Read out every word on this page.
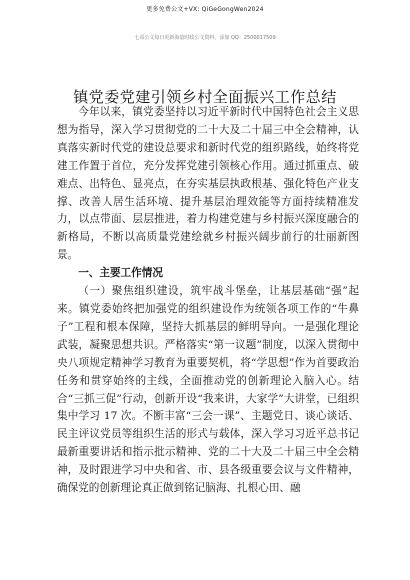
更多免费公文+VX: QiGeGongWen2024
七哥公文每日更新海量时政公文资料，添加 QQ：2500017509
镇党委党建引领乡村全面振兴工作总结

今年以来，镇党委坚持以习近平新时代中国特色社会主义思想为指导，深入学习贯彻党的二十大及二十届三中全会精神，认真落实新时代党的建设总要求和新时代党的组织路线，始终将党建工作置于首位，充分发挥党建引领核心作用。通过抓重点、破难点、出特色、显亮点，在夯实基层执政根基、强化特色产业支撑、改善人居生活环境、提升基层治理效能等方面持续精准发力，以点带面、层层推进，着力构建党建与乡村振兴深度融合的新格局，不断以高质量党建绘就乡村振兴阔步前行的壮丽新图景。

一、主要工作情况

（一）聚焦组织建设，筑牢战斗堡垒，让基层基础“强”起来。镇党委始终把加强党的组织建设作为统领各项工作的“牛鼻子”工程和根本保障，坚持大抓基层的鲜明导向。一是强化理论武装，凝聚思想共识。严格落实“第一议题”制度，以深入贯彻中央八项规定精神学习教育为重要契机，将“学思想”作为首要政治任务和贯穿始终的主线，全面推动党的创新理论入脑入心。结合“三抓三促”行动，创新开设“我来讲，大家学”大讲堂，已组织集中学习 17 次。不断丰富“三会一课”、主题党日、谈心谈话、民主评议党员等组织生活的形式与载体，深入学习习近平总书记最新重要讲话和指示批示精神、党的二十大及二十届三中全会精神，及时跟进学习中央和省、市、县各级重要会议与文件精神，确保党的创新理论真正做到铭记脑海、扎根心田、融
